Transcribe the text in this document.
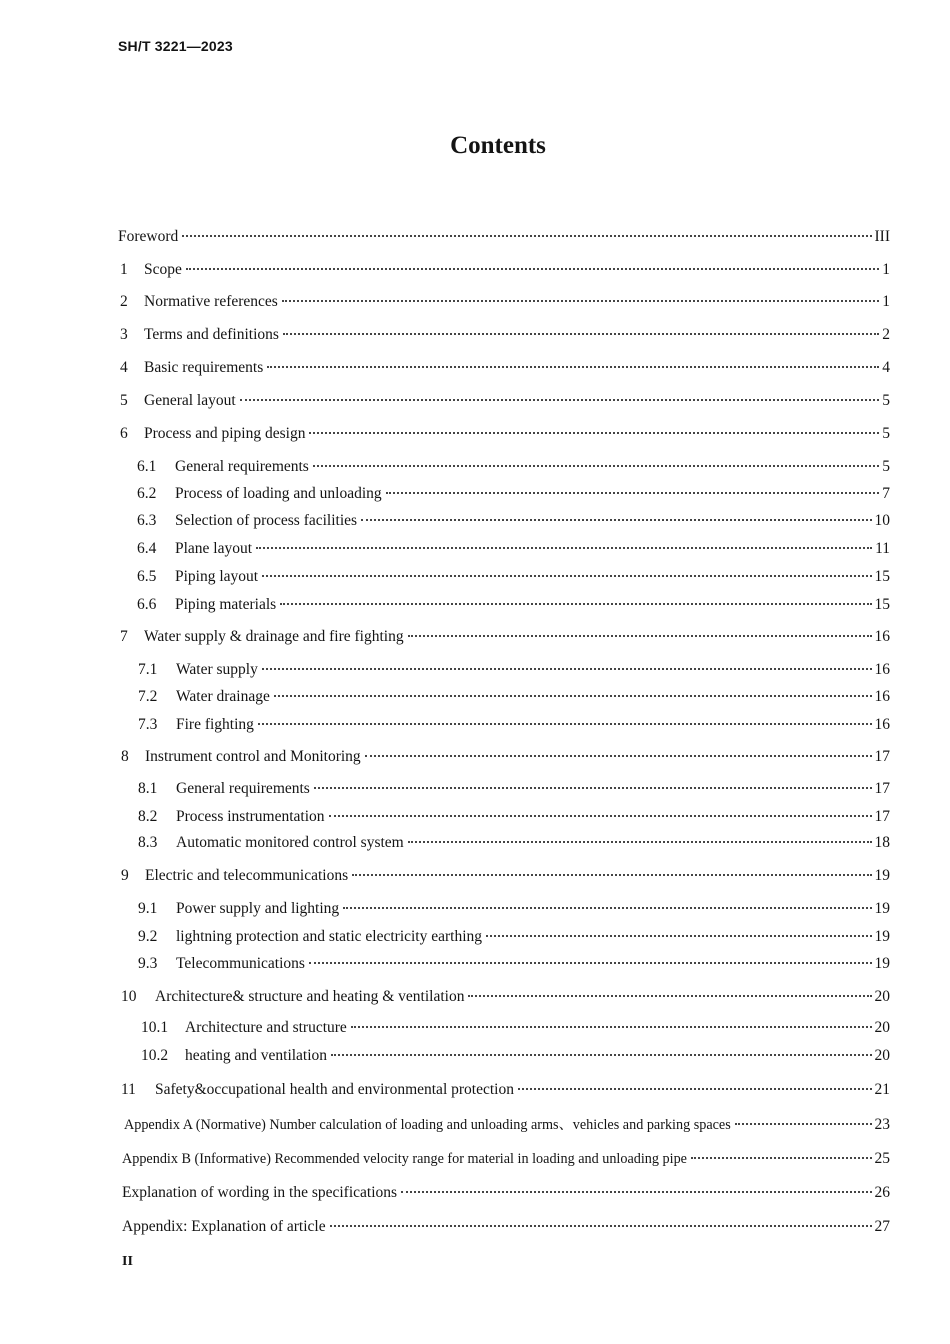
SH/T 3221—2023
Contents
Foreword	III
1	Scope	1
2	Normative references	1
3	Terms and definitions	2
4	Basic requirements	4
5	General layout	5
6	Process and piping design	5
6.1	General requirements	5
6.2	Process of loading and unloading	7
6.3	Selection of process facilities	10
6.4	Plane layout	11
6.5	Piping layout	15
6.6	Piping materials	15
7	Water supply & drainage and fire fighting	16
7.1	Water supply	16
7.2	Water drainage	16
7.3	Fire fighting	16
8	Instrument control and Monitoring	17
8.1	General requirements	17
8.2	Process instrumentation	17
8.3	Automatic monitored control system	18
9	Electric and telecommunications	19
9.1	Power supply and lighting	19
9.2	lightning protection and static electricity earthing	19
9.3	Telecommunications	19
10	Architecture& structure and heating & ventilation	20
10.1	Architecture and structure	20
10.2	heating and ventilation	20
11	Safety&occupational health and environmental protection	21
Appendix A (Normative) Number calculation of loading and unloading arms、vehicles and parking spaces	23
Appendix B (Informative) Recommended velocity range for material in loading and unloading pipe	25
Explanation of wording in the specifications	26
Appendix: Explanation of article	27
II
